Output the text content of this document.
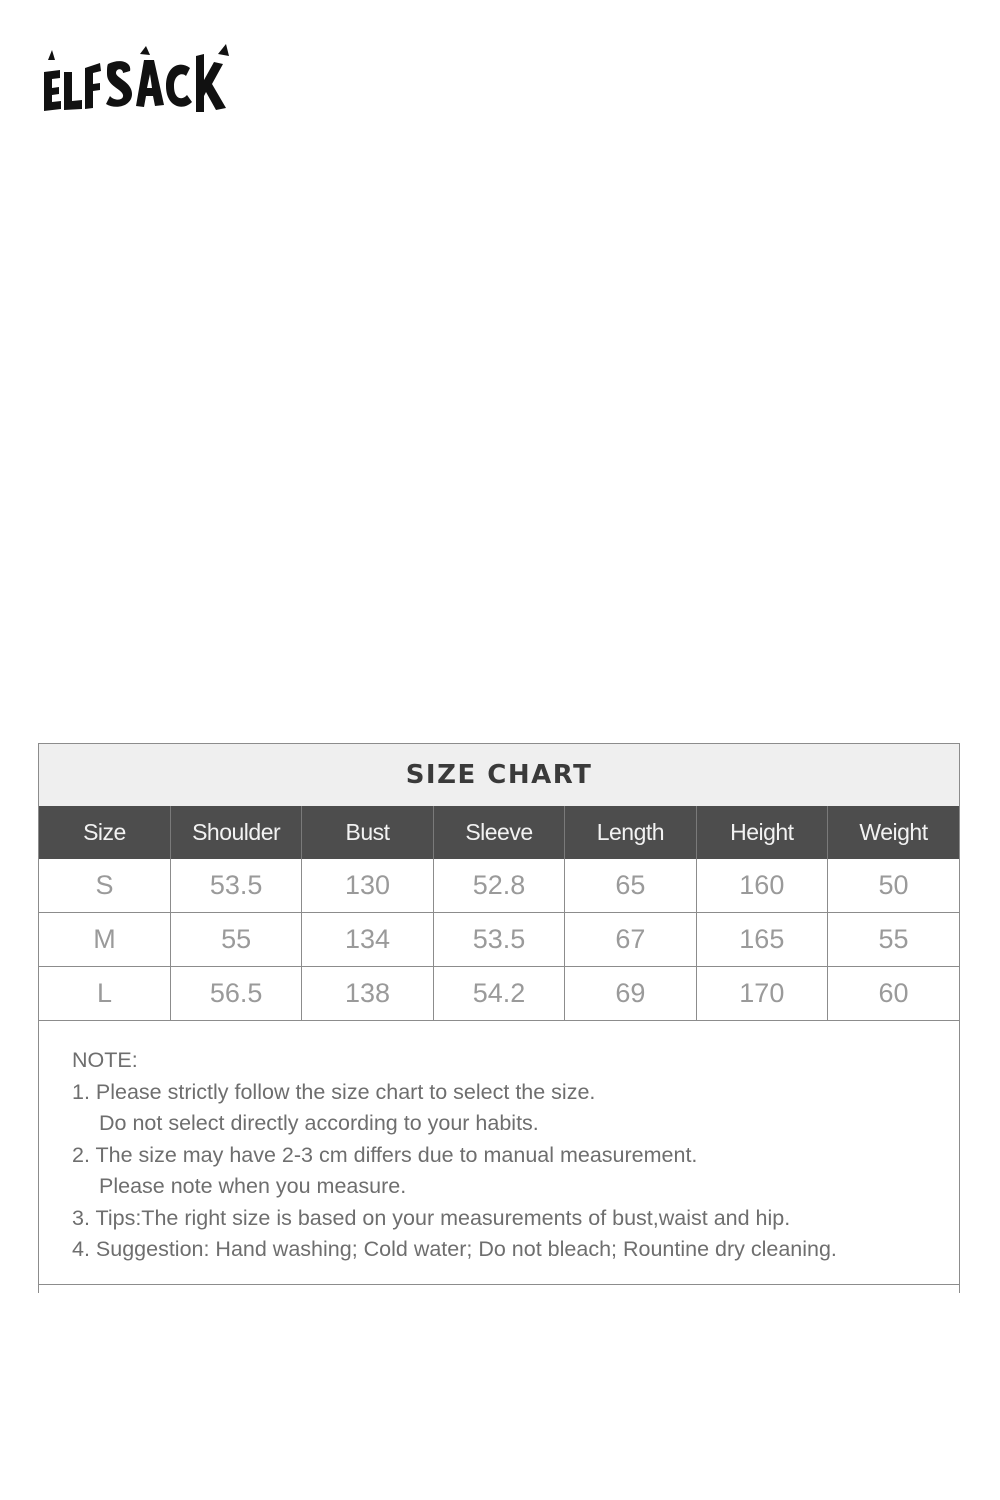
SIZE CHART
Size	Shoulder	Bust	Sleeve	Length	Height	Weight
S	53.5	130	52.8	65	160	50
M	55	134	53.5	67	165	55
L	56.5	138	54.2	69	170	60
NOTE:
1. Please strictly follow the size chart to select the size.
Do not select directly according to your habits.
2. The size may have 2-3 cm differs due to manual measurement.
Please note when you measure.
3. Tips:The right size is based on your measurements of bust,waist and hip.
4. Suggestion: Hand washing; Cold water; Do not bleach; Rountine dry cleaning.
